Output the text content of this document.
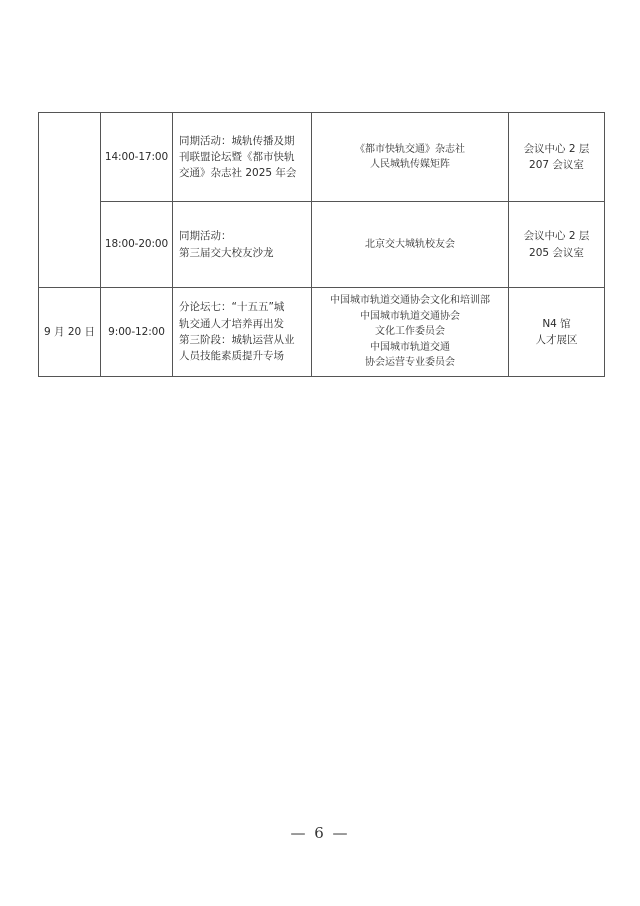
	14:00-17:00	同期活动：城轨传播及期
刊联盟论坛暨《都市快轨
交通》杂志社 2025 年会	《都市快轨交通》杂志社
人民城轨传媒矩阵	会议中心 2 层
207 会议室

	18:00-20:00	同期活动：
第三届交大校友沙龙	北京交大城轨校友会	会议中心 2 层
205 会议室

9 月 20 日	9:00-12:00	分论坛七：“十五五”城
轨交通人才培养再出发
第三阶段：城轨运营从业
人员技能素质提升专场	中国城市轨道交通协会文化和培训部
中国城市轨道交通协会
文化工作委员会
中国城市轨道交通
协会运营专业委员会	N4 馆
人才展区
— 6 —
